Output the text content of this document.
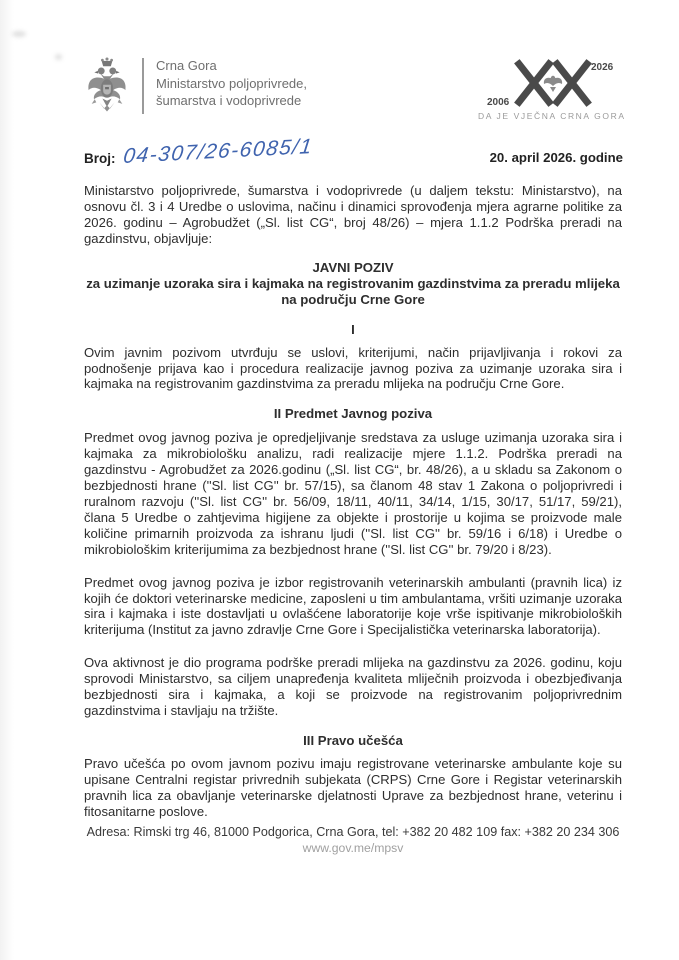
Crna Gora
Ministarstvo poljoprivrede,
šumarstva i vodoprivrede	2006
2026
DA JE VJEČNA CRNA GORA
Broj: 04-307/26-6085/1	20. april 2026. godine

Ministarstvo poljoprivrede, šumarstva i vodoprivrede (u daljem tekstu: Ministarstvo), na osnovu čl. 3 i 4 Uredbe o uslovima, načinu i dinamici sprovođenja mjera agrarne politike za 2026. godinu – Agrobudžet („Sl. list CG“, broj 48/26) – mjera 1.1.2 Podrška preradi na gazdinstvu, objavljuje:

JAVNI POZIV
za uzimanje uzoraka sira i kajmaka na registrovanim gazdinstvima za preradu mlijeka na području Crne Gore
I

Ovim javnim pozivom utvrđuju se uslovi, kriterijumi, način prijavljivanja i rokovi za podnošenje prijava kao i procedura realizacije javnog poziva za uzimanje uzoraka sira i kajmaka na registrovanim gazdinstvima za preradu mlijeka na području Crne Gore.

II Predmet Javnog poziva

Predmet ovog javnog poziva je opredjeljivanje sredstava za usluge uzimanja uzoraka sira i kajmaka za mikrobiološku analizu, radi realizacije mjere 1.1.2. Podrška preradi na gazdinstvu - Agrobudžet za 2026.godinu („Sl. list CG“, br. 48/26), a u skladu sa Zakonom o bezbjednosti hrane (''Sl. list CG'' br. 57/15), sa članom 48 stav 1 Zakona o poljoprivredi i ruralnom razvoju (''Sl. list CG'' br. 56/09, 18/11, 40/11, 34/14, 1/15, 30/17, 51/17, 59/21), člana 5 Uredbe o zahtjevima higijene za objekte i prostorije u kojima se proizvode male količine primarnih proizvoda za ishranu ljudi (''Sl. list CG'' br. 59/16 i 6/18) i Uredbe o mikrobiološkim kriterijumima za bezbjednost hrane (''Sl. list CG'' br. 79/20 i 8/23).

Predmet ovog javnog poziva je izbor registrovanih veterinarskih ambulanti (pravnih lica) iz kojih će doktori veterinarske medicine, zaposleni u tim ambulantama, vršiti uzimanje uzoraka sira i kajmaka i iste dostavljati u ovlašćene laboratorije koje vrše ispitivanje mikrobioloških kriterijuma (Institut za javno zdravlje Crne Gore i Specijalistička veterinarska laboratorija).

Ova aktivnost je dio programa podrške preradi mlijeka na gazdinstvu za 2026. godinu, koju sprovodi Ministarstvo, sa ciljem unapređenja kvaliteta mliječnih proizvoda i obezbjeđivanja bezbjednosti sira i kajmaka, a koji se proizvode na registrovanim poljoprivrednim gazdinstvima i stavljaju na tržište.

III Pravo učešća

Pravo učešća po ovom javnom pozivu imaju registrovane veterinarske ambulante koje su upisane Centralni registar privrednih subjekata (CRPS) Crne Gore i Registar veterinarskih pravnih lica za obavljanje veterinarske djelatnosti Uprave za bezbjednost hrane, veterinu i fitosanitarne poslove.

Adresa: Rimski trg 46, 81000 Podgorica, Crna Gora, tel: +382 20 482 109 fax: +382 20 234 306
www.gov.me/mpsv
